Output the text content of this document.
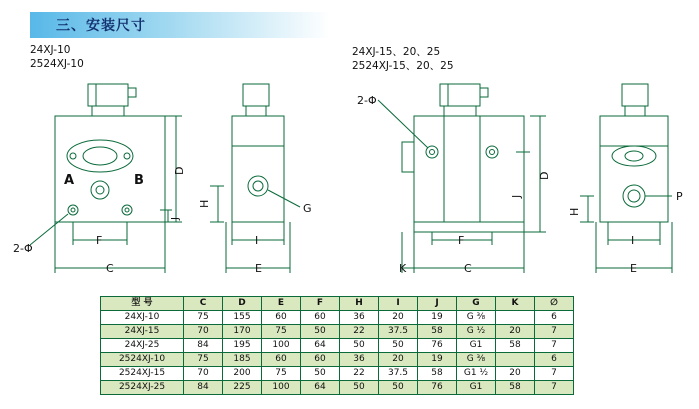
三、安装尺寸
24XJ-10
2524XJ-10
24XJ-15、20、25
2524XJ-15、20、25
2-Φ
A	B
D
J
F
C
H	G
I
E
2-Φ
D
J
F
C
K
H
P
I
E
型 号	C	D	E	F	H	I	J	G	K	∅
24XJ-10	75	155	60	60	36	20	19	G ⅜		6
24XJ-15	70	170	75	50	22	37.5	58	G ½	20	7
24XJ-25	84	195	100	64	50	50	76	G1	58	7
2524XJ-10	75	185	60	60	36	20	19	G ⅜		6
2524XJ-15	70	200	75	50	22	37.5	58	G1 ½	20	7
2524XJ-25	84	225	100	64	50	50	76	G1	58	7
